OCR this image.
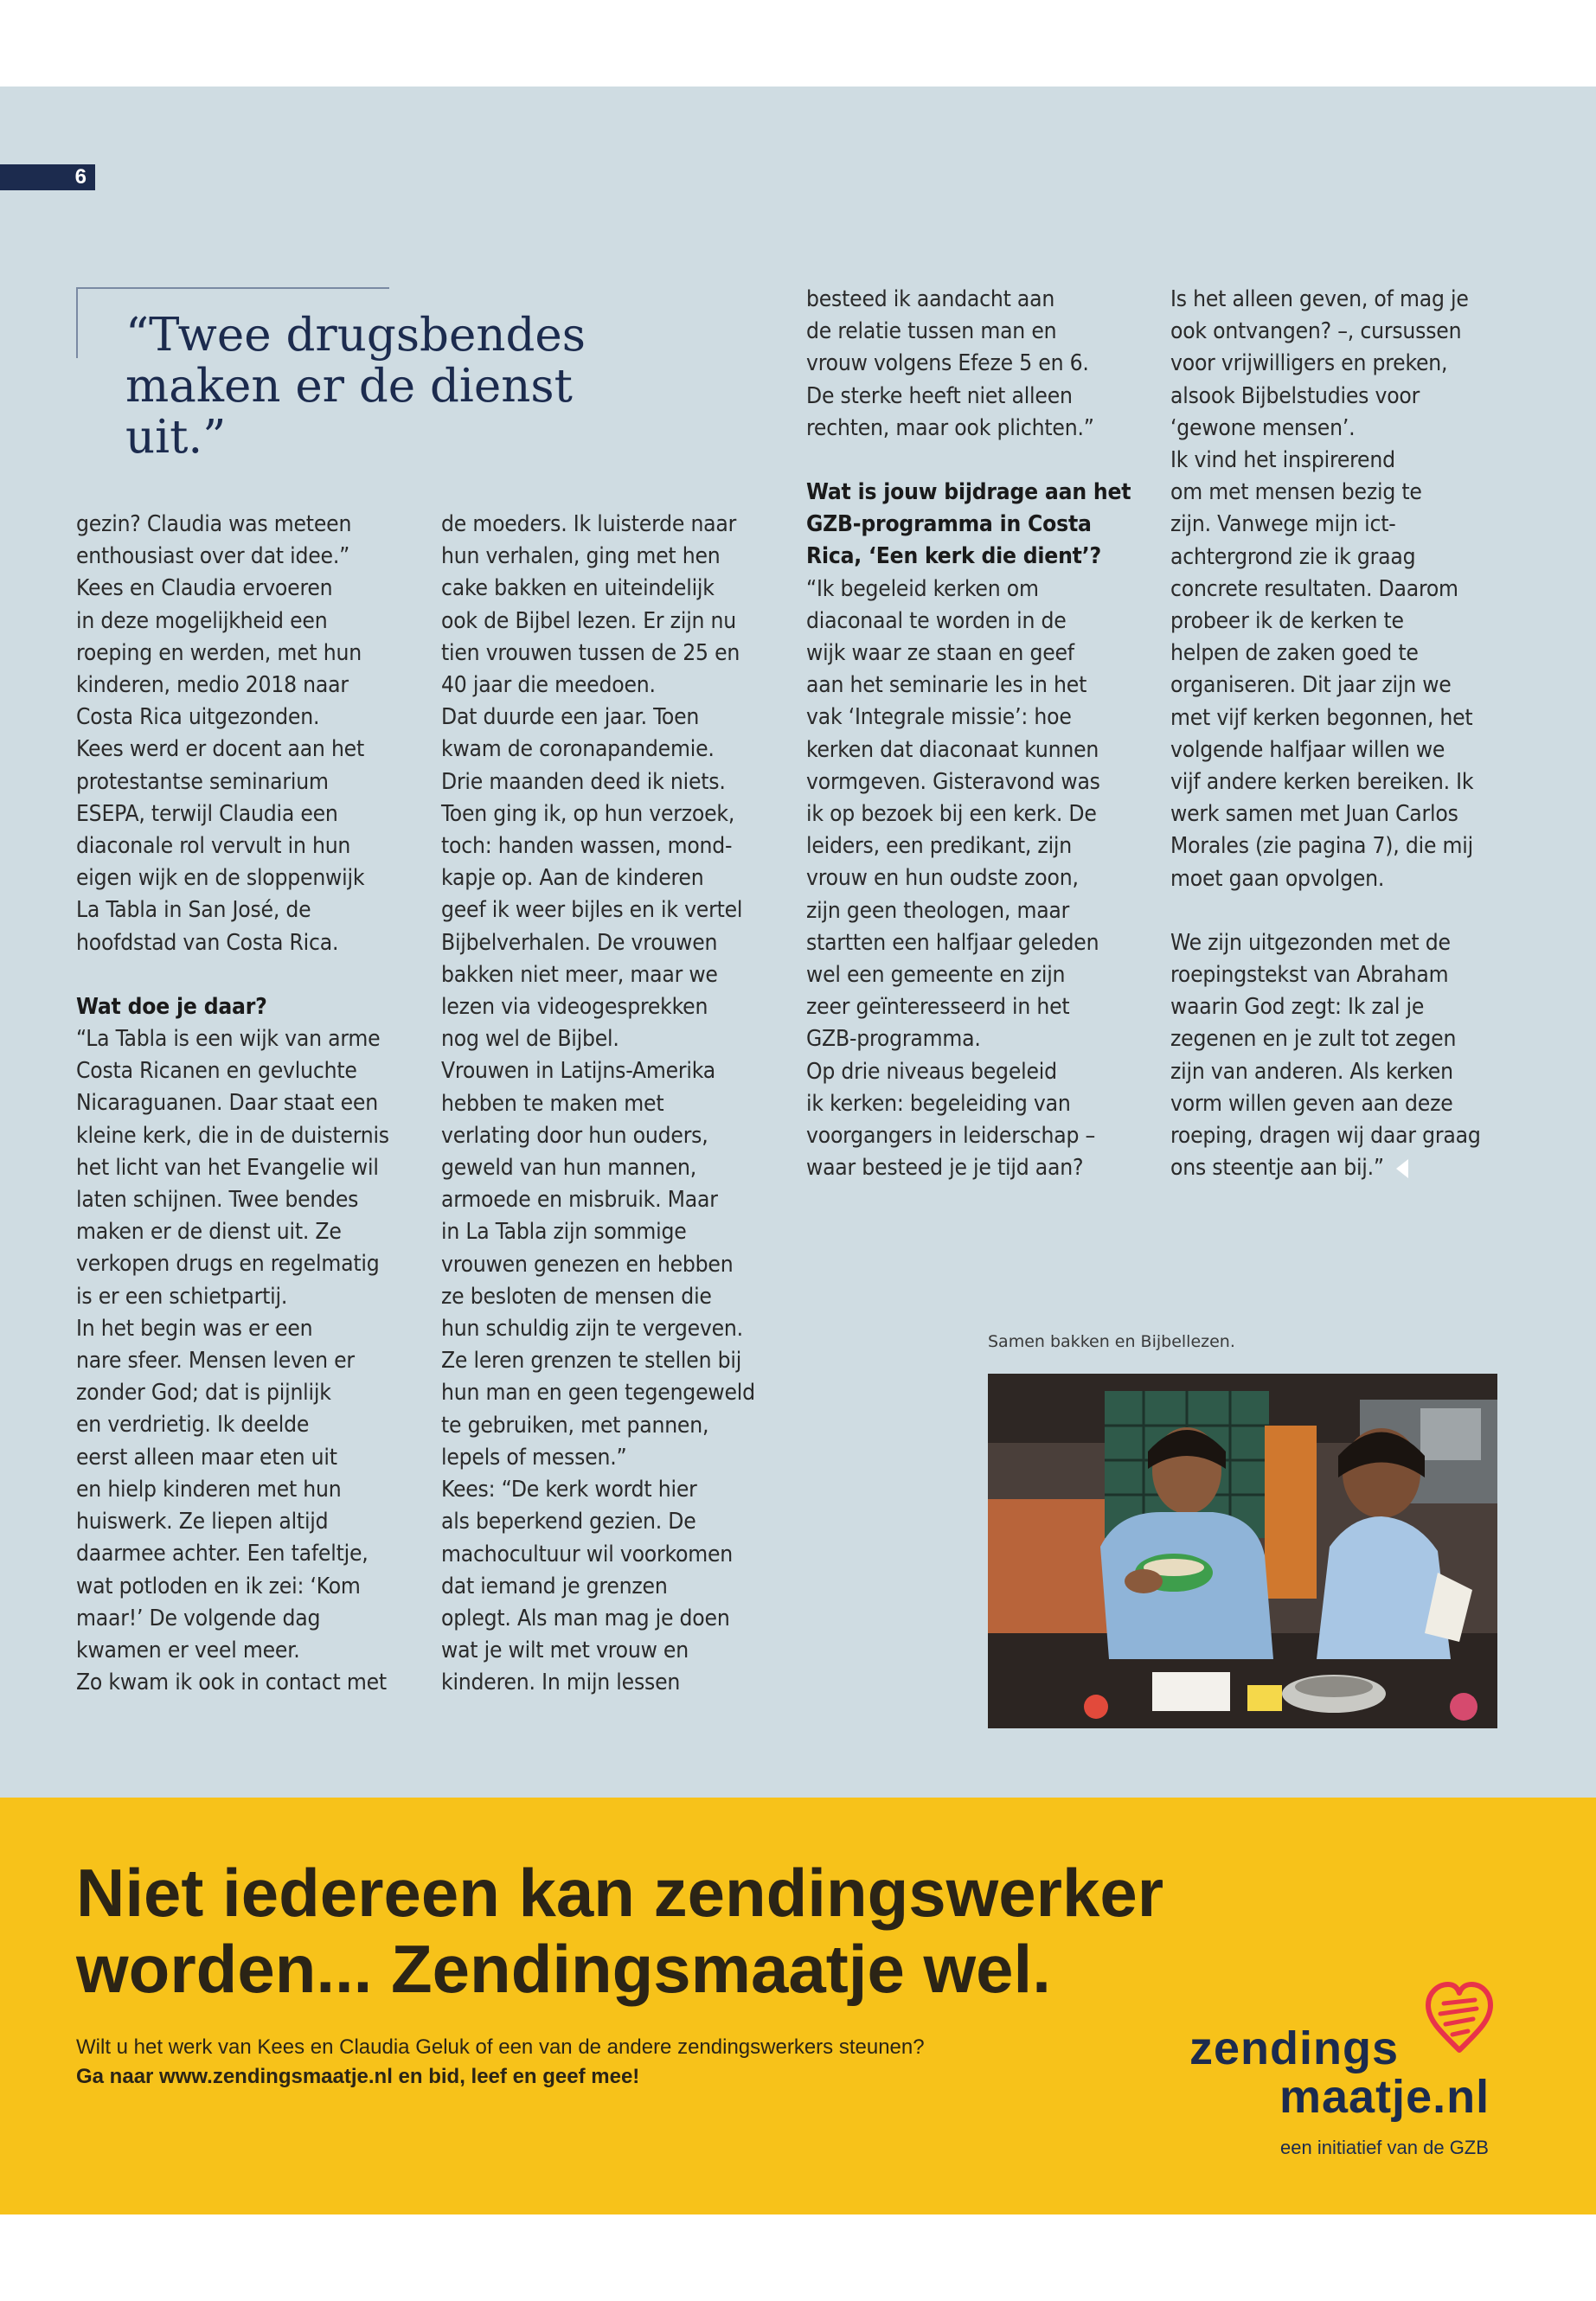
6
“Twee drugsbendes
maken er de dienst uit.”

gezin? Claudia was meteen
enthousiast over dat idee.”
Kees en Claudia ervoeren
in deze mogelijkheid een
roeping en werden, met hun
kinderen, medio 2018 naar
Costa Rica uitgezonden.
Kees werd er docent aan het
protestantse seminarium
ESEPA, terwijl Claudia een
diaconale rol vervult in hun
eigen wijk en de sloppenwijk
La Tabla in San José, de
hoofdstad van Costa Rica.

Wat doe je daar?

“La Tabla is een wijk van arme
Costa Ricanen en gevluchte
Nicaraguanen. Daar staat een
kleine kerk, die in de duisternis
het licht van het Evangelie wil
laten schijnen. Twee bendes
maken er de dienst uit. Ze
verkopen drugs en regelmatig
is er een schietpartij.
In het begin was er een
nare sfeer. Mensen leven er
zonder God; dat is pijnlijk
en verdrietig. Ik deelde
eerst alleen maar eten uit
en hielp kinderen met hun
huiswerk. Ze liepen altijd
daarmee achter. Een tafeltje,
wat potloden en ik zei: ‘Kom
maar!’ De volgende dag
kwamen er veel meer.
Zo kwam ik ook in contact met

de moeders. Ik luisterde naar
hun verhalen, ging met hen
cake bakken en uiteindelijk
ook de Bijbel lezen. Er zijn nu
tien vrouwen tussen de 25 en
40 jaar die meedoen.
Dat duurde een jaar. Toen
kwam de coronapandemie.
Drie maanden deed ik niets.
Toen ging ik, op hun verzoek,
toch: handen wassen, mond-
kapje op. Aan de kinderen
geef ik weer bijles en ik vertel
Bijbelverhalen. De vrouwen
bakken niet meer, maar we
lezen via videogesprekken
nog wel de Bijbel.
Vrouwen in Latijns-Amerika
hebben te maken met
verlating door hun ouders,
geweld van hun mannen,
armoede en misbruik. Maar
in La Tabla zijn sommige
vrouwen genezen en hebben
ze besloten de mensen die
hun schuldig zijn te vergeven.
Ze leren grenzen te stellen bij
hun man en geen tegengeweld
te gebruiken, met pannen,
lepels of messen.”
Kees: “De kerk wordt hier
als beperkend gezien. De
machocultuur wil voorkomen
dat iemand je grenzen
oplegt. Als man mag je doen
wat je wilt met vrouw en
kinderen. In mijn lessen

besteed ik aandacht aan
de relatie tussen man en
vrouw volgens Efeze 5 en 6.
De sterke heeft niet alleen
rechten, maar ook plichten.”

Wat is jouw bijdrage aan het
GZB-programma in Costa
Rica, ‘Een kerk die dient’?

“Ik begeleid kerken om
diaconaal te worden in de
wijk waar ze staan en geef
aan het seminarie les in het
vak ‘Integrale missie’: hoe
kerken dat diaconaat kunnen
vormgeven. Gisteravond was
ik op bezoek bij een kerk. De
leiders, een predikant, zijn
vrouw en hun oudste zoon,
zijn geen theologen, maar
startten een halfjaar geleden
wel een gemeente en zijn
zeer geïnteresseerd in het
GZB-programma.
Op drie niveaus begeleid
ik kerken: begeleiding van
voorgangers in leiderschap –
waar besteed je je tijd aan?

Is het alleen geven, of mag je
ook ontvangen? –, cursussen
voor vrijwilligers en preken,
alsook Bijbelstudies voor
‘gewone mensen’.
Ik vind het inspirerend
om met mensen bezig te
zijn. Vanwege mijn ict-
achtergrond zie ik graag
concrete resultaten. Daarom
probeer ik de kerken te
helpen de zaken goed te
organiseren. Dit jaar zijn we
met vijf kerken begonnen, het
volgende halfjaar willen we
vijf andere kerken bereiken. Ik
werk samen met Juan Carlos
Morales (zie pagina 7), die mij
moet gaan opvolgen.

We zijn uitgezonden met de
roepingstekst van Abraham
waarin God zegt: Ik zal je
zegenen en je zult tot zegen
zijn van anderen. Als kerken
vorm willen geven aan deze
roeping, dragen wij daar graag
ons steentje aan bij.”

Samen bakken en Bijbellezen.
Niet iedereen kan zendingswerker
worden... Zendingsmaatje wel.
Wilt u het werk van Kees en Claudia Geluk of een van de andere zendingswerkers steunen?
Ga naar www.zendingsmaatje.nl en bid, leef en geef mee!
zendings
maatje.nl
een initiatief van de GZB
